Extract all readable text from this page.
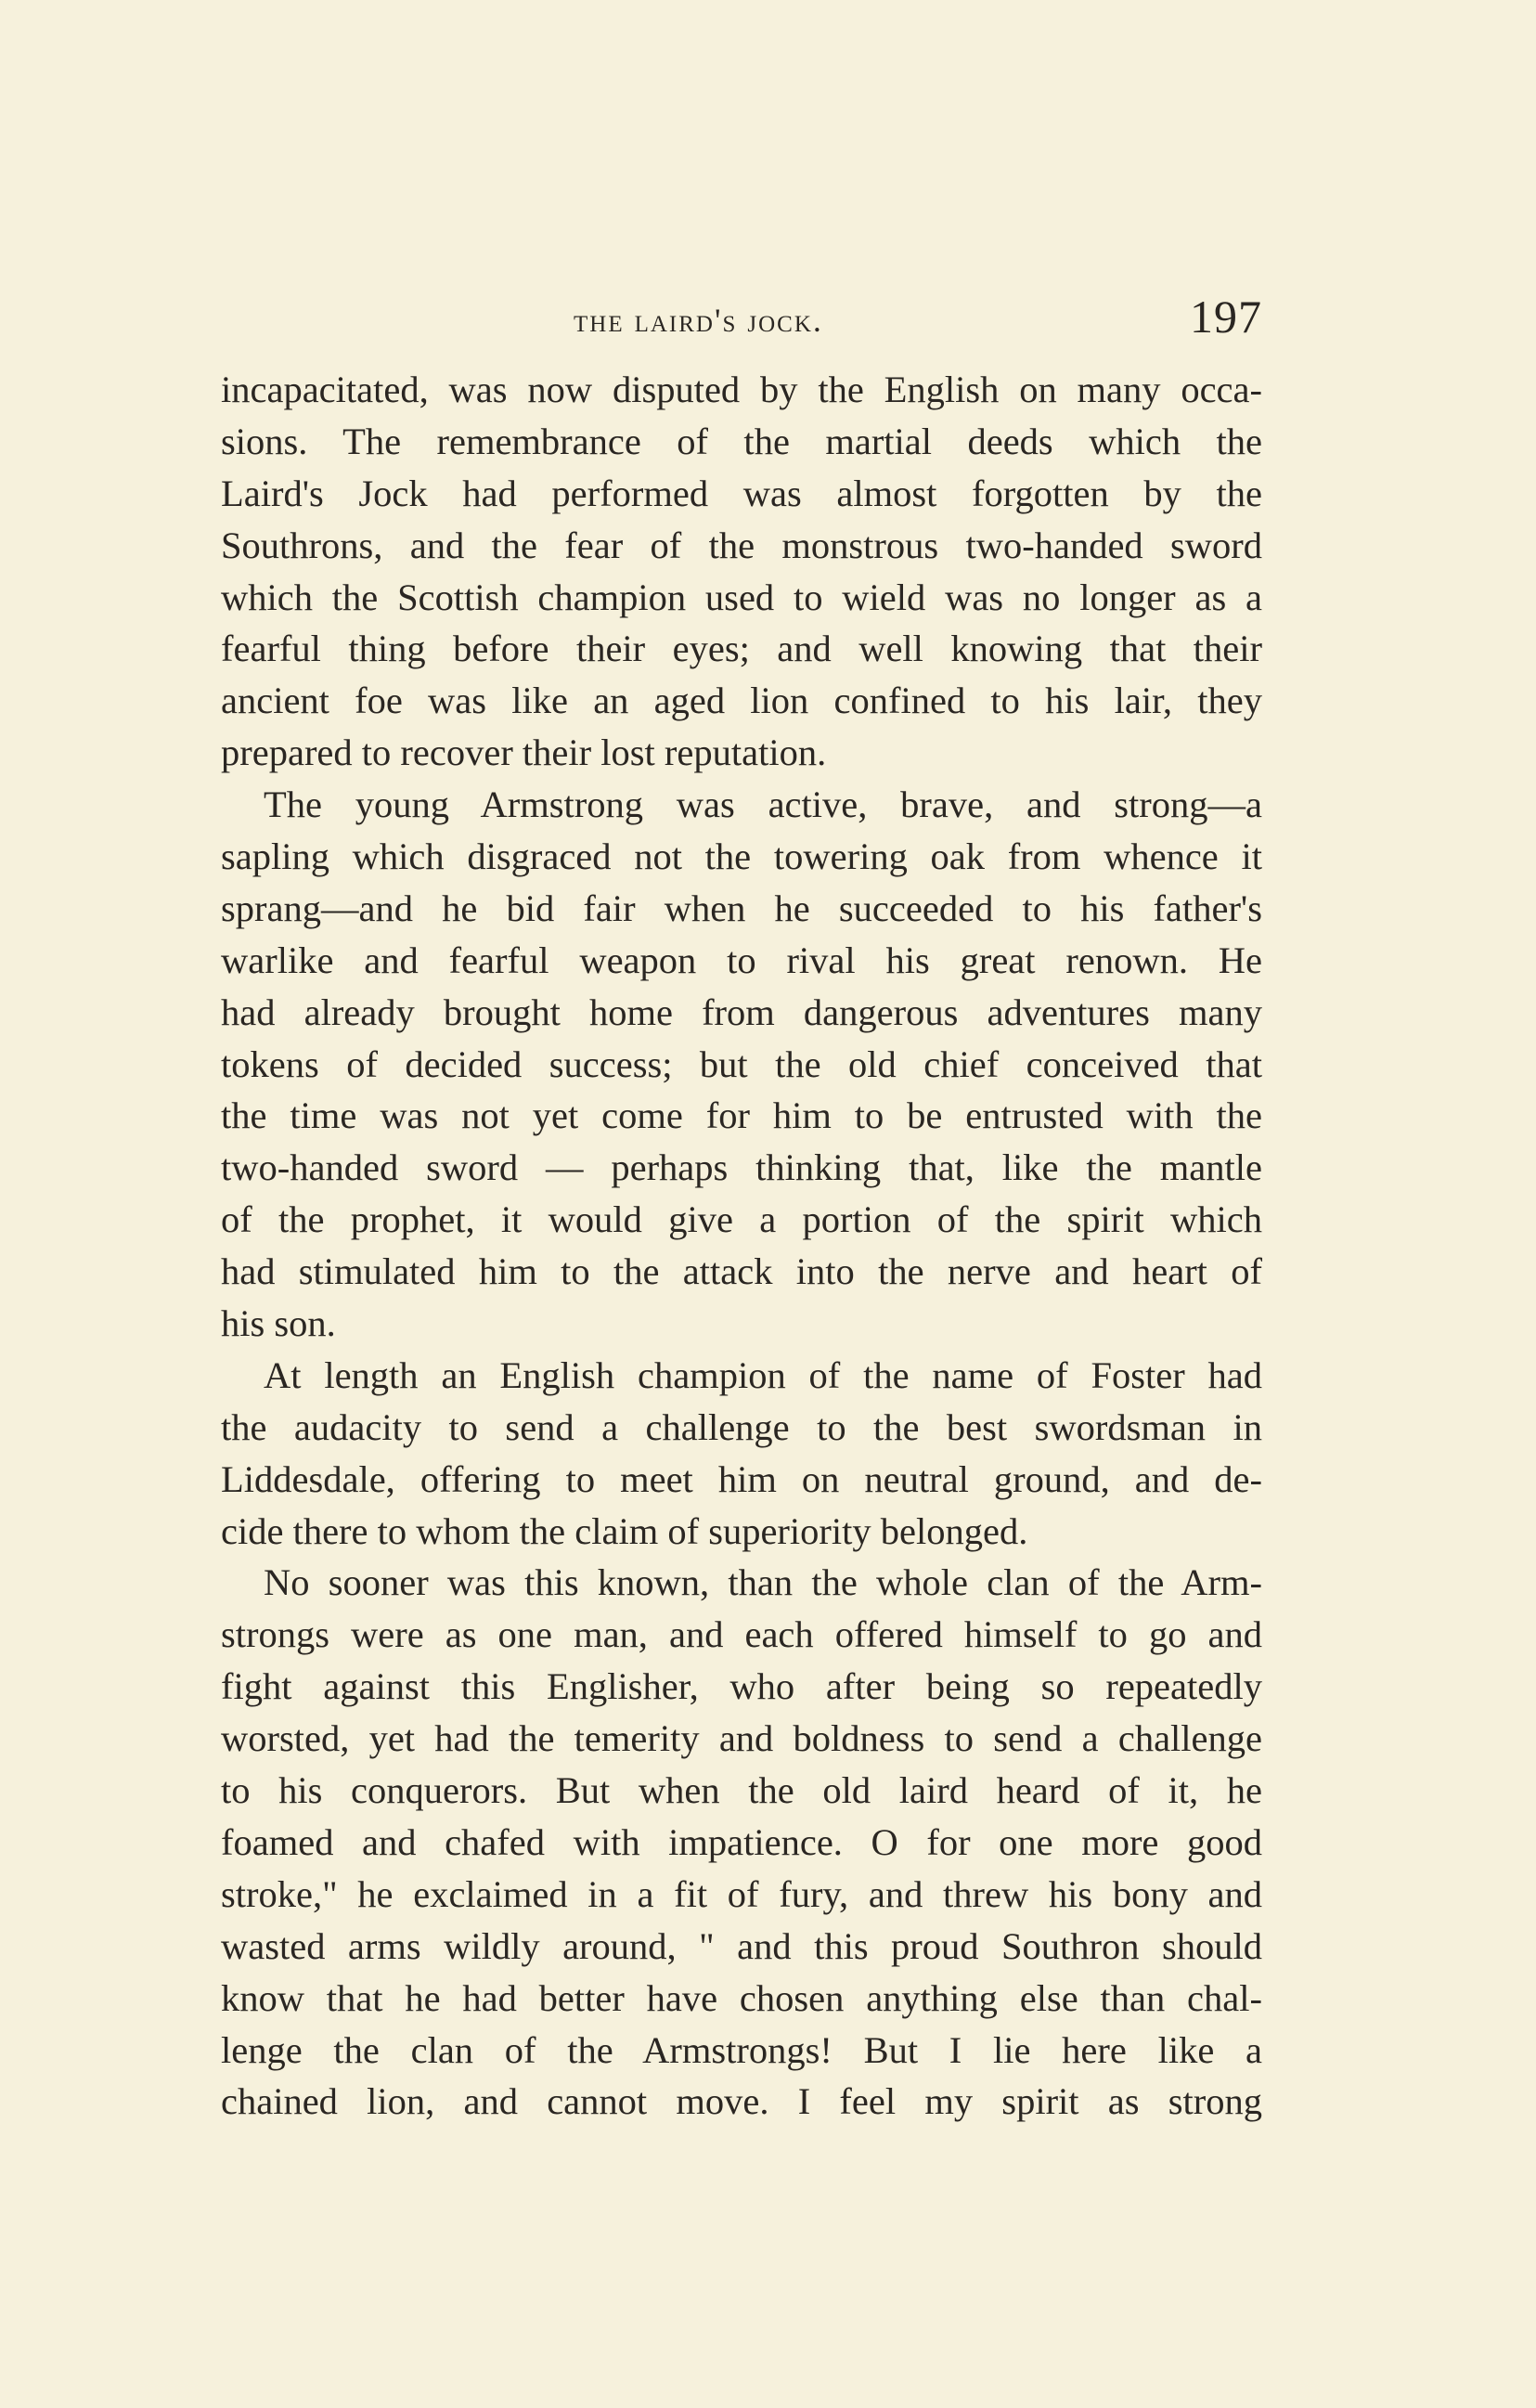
the laird's jock.	197
incapacitated, was now disputed by the English on many occa-
sions. The remembrance of the martial deeds which the
Laird's Jock had performed was almost forgotten by the
Southrons, and the fear of the monstrous two-handed sword
which the Scottish champion used to wield was no longer as a
fearful thing before their eyes; and well knowing that their
ancient foe was like an aged lion confined to his lair, they
prepared to recover their lost reputation.
The young Armstrong was active, brave, and strong—a
sapling which disgraced not the towering oak from whence it
sprang—and he bid fair when he succeeded to his father's
warlike and fearful weapon to rival his great renown. He
had already brought home from dangerous adventures many
tokens of decided success; but the old chief conceived that
the time was not yet come for him to be entrusted with the
two-handed sword — perhaps thinking that, like the mantle
of the prophet, it would give a portion of the spirit which
had stimulated him to the attack into the nerve and heart of
his son.
At length an English champion of the name of Foster had
the audacity to send a challenge to the best swordsman in
Liddesdale, offering to meet him on neutral ground, and de-
cide there to whom the claim of superiority belonged.
No sooner was this known, than the whole clan of the Arm-
strongs were as one man, and each offered himself to go and
fight against this Englisher, who after being so repeatedly
worsted, yet had the temerity and boldness to send a challenge
to his conquerors. But when the old laird heard of it, he
foamed and chafed with impatience. O for one more good
stroke," he exclaimed in a fit of fury, and threw his bony and
wasted arms wildly around, " and this proud Southron should
know that he had better have chosen anything else than chal-
lenge the clan of the Armstrongs! But I lie here like a
chained lion, and cannot move. I feel my spirit as strong
